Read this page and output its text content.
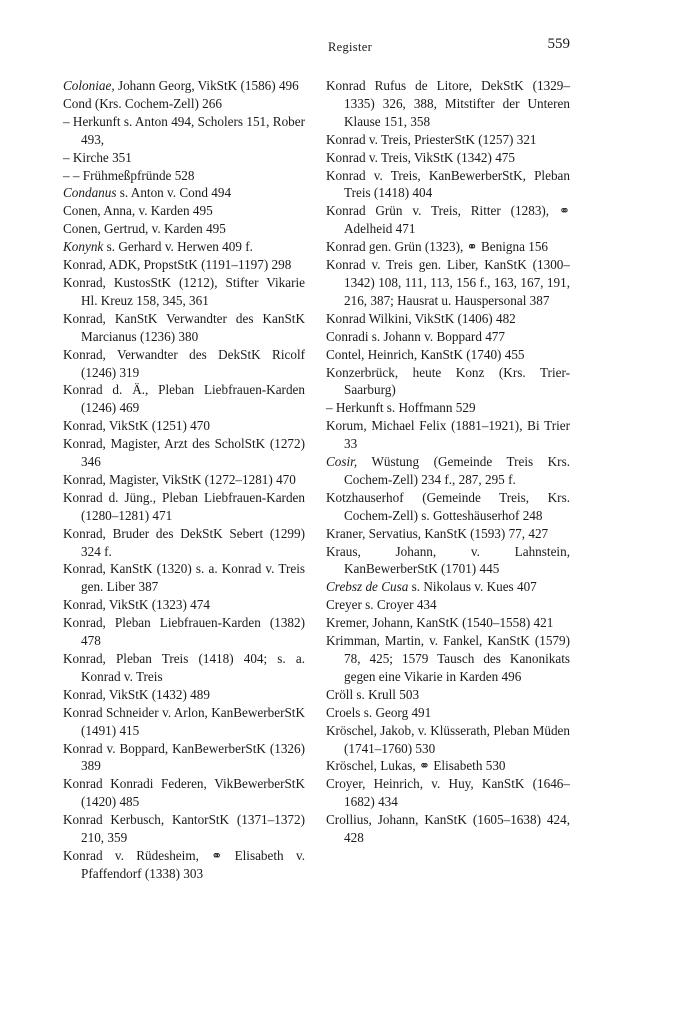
Register	559
Coloniae, Johann Georg, VikStK (1586) 496
Cond (Krs. Cochem-Zell) 266
– Herkunft s. Anton 494, Scholers 151, Rober 493,
– Kirche 351
– – Frühmeßpfründe 528
Condanus s. Anton v. Cond 494
Conen, Anna, v. Karden 495
Conen, Gertrud, v. Karden 495
Konynk s. Gerhard v. Herwen 409 f.
Konrad, ADK, PropstStK (1191–1197) 298
Konrad, KustosStK (1212), Stifter Vikarie Hl. Kreuz 158, 345, 361
Konrad, KanStK Verwandter des KanStK Marcianus (1236) 380
Konrad, Verwandter des DekStK Ricolf (1246) 319
Konrad d. Ä., Pleban Liebfrauen-Karden (1246) 469
Konrad, VikStK (1251) 470
Konrad, Magister, Arzt des ScholStK (1272) 346
Konrad, Magister, VikStK (1272–1281) 470
Konrad d. Jüng., Pleban Liebfrauen-Karden (1280–1281) 471
Konrad, Bruder des DekStK Sebert (1299) 324 f.
Konrad, KanStK (1320) s. a. Konrad v. Treis gen. Liber 387
Konrad, VikStK (1323) 474
Konrad, Pleban Liebfrauen-Karden (1382) 478
Konrad, Pleban Treis (1418) 404; s. a. Konrad v. Treis
Konrad, VikStK (1432) 489
Konrad Schneider v. Arlon, KanBewerberStK (1491) 415
Konrad v. Boppard, KanBewerberStK (1326) 389
Konrad Konradi Federen, VikBewerberStK (1420) 485
Konrad Kerbusch, KantorStK (1371–1372) 210, 359
Konrad v. Rüdesheim, ⚭ Elisabeth v. Pfaffendorf (1338) 303
Konrad Rufus de Litore, DekStK (1329–1335) 326, 388, Mitstifter der Unteren Klause 151, 358
Konrad v. Treis, PriesterStK (1257) 321
Konrad v. Treis, VikStK (1342) 475
Konrad v. Treis, KanBewerberStK, Pleban Treis (1418) 404
Konrad Grün v. Treis, Ritter (1283), ⚭ Adelheid 471
Konrad gen. Grün (1323), ⚭ Benigna 156
Konrad v. Treis gen. Liber, KanStK (1300–1342) 108, 111, 113, 156 f., 163, 167, 191, 216, 387; Hausrat u. Hauspersonal 387
Konrad Wilkini, VikStK (1406) 482
Conradi s. Johann v. Boppard 477
Contel, Heinrich, KanStK (1740) 455
Konzerbrück, heute Konz (Krs. Trier-Saarburg)
– Herkunft s. Hoffmann 529
Korum, Michael Felix (1881–1921), Bi Trier 33
Cosir, Wüstung (Gemeinde Treis Krs. Cochem-Zell) 234 f., 287, 295 f.
Kotzhauserhof (Gemeinde Treis, Krs. Cochem-Zell) s. Gotteshäuserhof 248
Kraner, Servatius, KanStK (1593) 77, 427
Kraus, Johann, v. Lahnstein, KanBewerberStK (1701) 445
Crebsz de Cusa s. Nikolaus v. Kues 407
Creyer s. Croyer 434
Kremer, Johann, KanStK (1540–1558) 421
Krimman, Martin, v. Fankel, KanStK (1579) 78, 425; 1579 Tausch des Kanonikats gegen eine Vikarie in Karden 496
Cröll s. Krull 503
Croels s. Georg 491
Kröschel, Jakob, v. Klüsserath, Pleban Müden (1741–1760) 530
Kröschel, Lukas, ⚭ Elisabeth 530
Croyer, Heinrich, v. Huy, KanStK (1646–1682) 434
Crollius, Johann, KanStK (1605–1638) 424, 428
